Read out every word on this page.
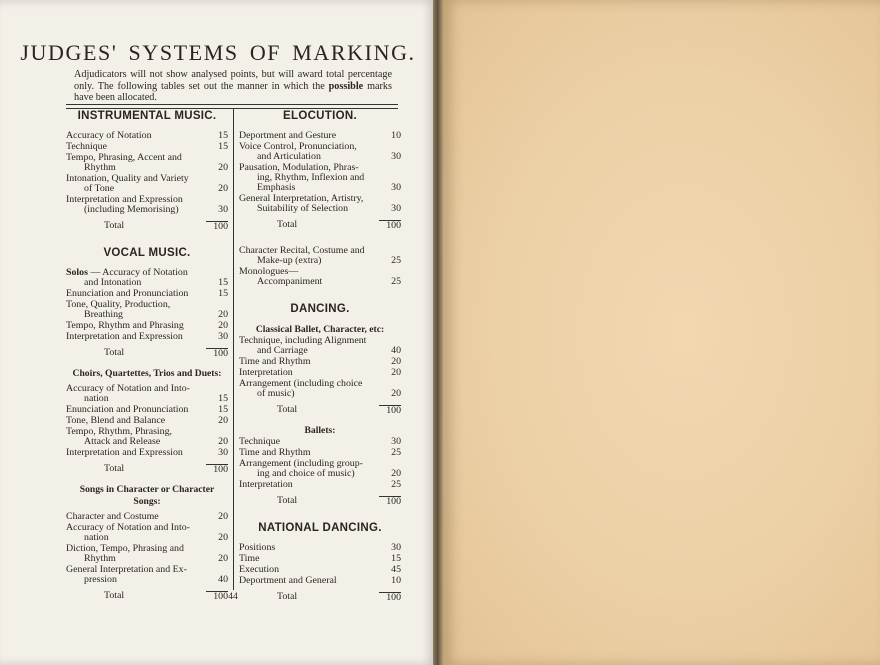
JUDGES' SYSTEMS OF MARKING.
Adjudicators will not show analysed points, but will award total percentage only. The following tables set out the manner in which the possible marks have been allocated.
INSTRUMENTAL MUSIC.
Accuracy of Notation	15
Technique	15
Tempo, Phrasing, Accent and
Rhythm	20
Intonation, Quality and Variety
of Tone	20
Interpretation and Expression
(including Memorising)	30
Total	100
VOCAL MUSIC.
Solos — Accuracy of Notation
and Intonation	15
Enunciation and Pronunciation	15
Tone, Quality, Production,
Breathing	20
Tempo, Rhythm and Phrasing	20
Interpretation and Expression	30
Total	100
Choirs, Quartettes, Trios and Duets:
Accuracy of Notation and Into-
nation	15
Enunciation and Pronunciation	15
Tone, Blend and Balance	20
Tempo, Rhythm, Phrasing,
Attack and Release	20
Interpretation and Expression	30
Total	100
Songs in Character or Character Songs:
Character and Costume	20
Accuracy of Notation and Into-
nation	20
Diction, Tempo, Phrasing and
Rhythm	20
General Interpretation and Ex-
pression	40
Total	100
ELOCUTION.
Deportment and Gesture	10
Voice Control, Pronunciation,
and Articulation	30
Pausation, Modulation, Phras-
ing, Rhythm, Inflexion and
Emphasis	30
General Interpretation, Artistry,
Suitability of Selection	30
Total	100
Character Recital, Costume and
Make-up (extra)	25
Monologues—
Accompaniment	25
DANCING.
Classical Ballet, Character, etc:
Technique, including Alignment
and Carriage	40
Time and Rhythm	20
Interpretation	20
Arrangement (including choice
of music)	20
Total	100
Ballets:
Technique	30
Time and Rhythm	25
Arrangement (including group-
ing and choice of music)	20
Interpretation	25
Total	100
NATIONAL DANCING.
Positions	30
Time	15
Execution	45
Deportment and General	10
Total	100
44
